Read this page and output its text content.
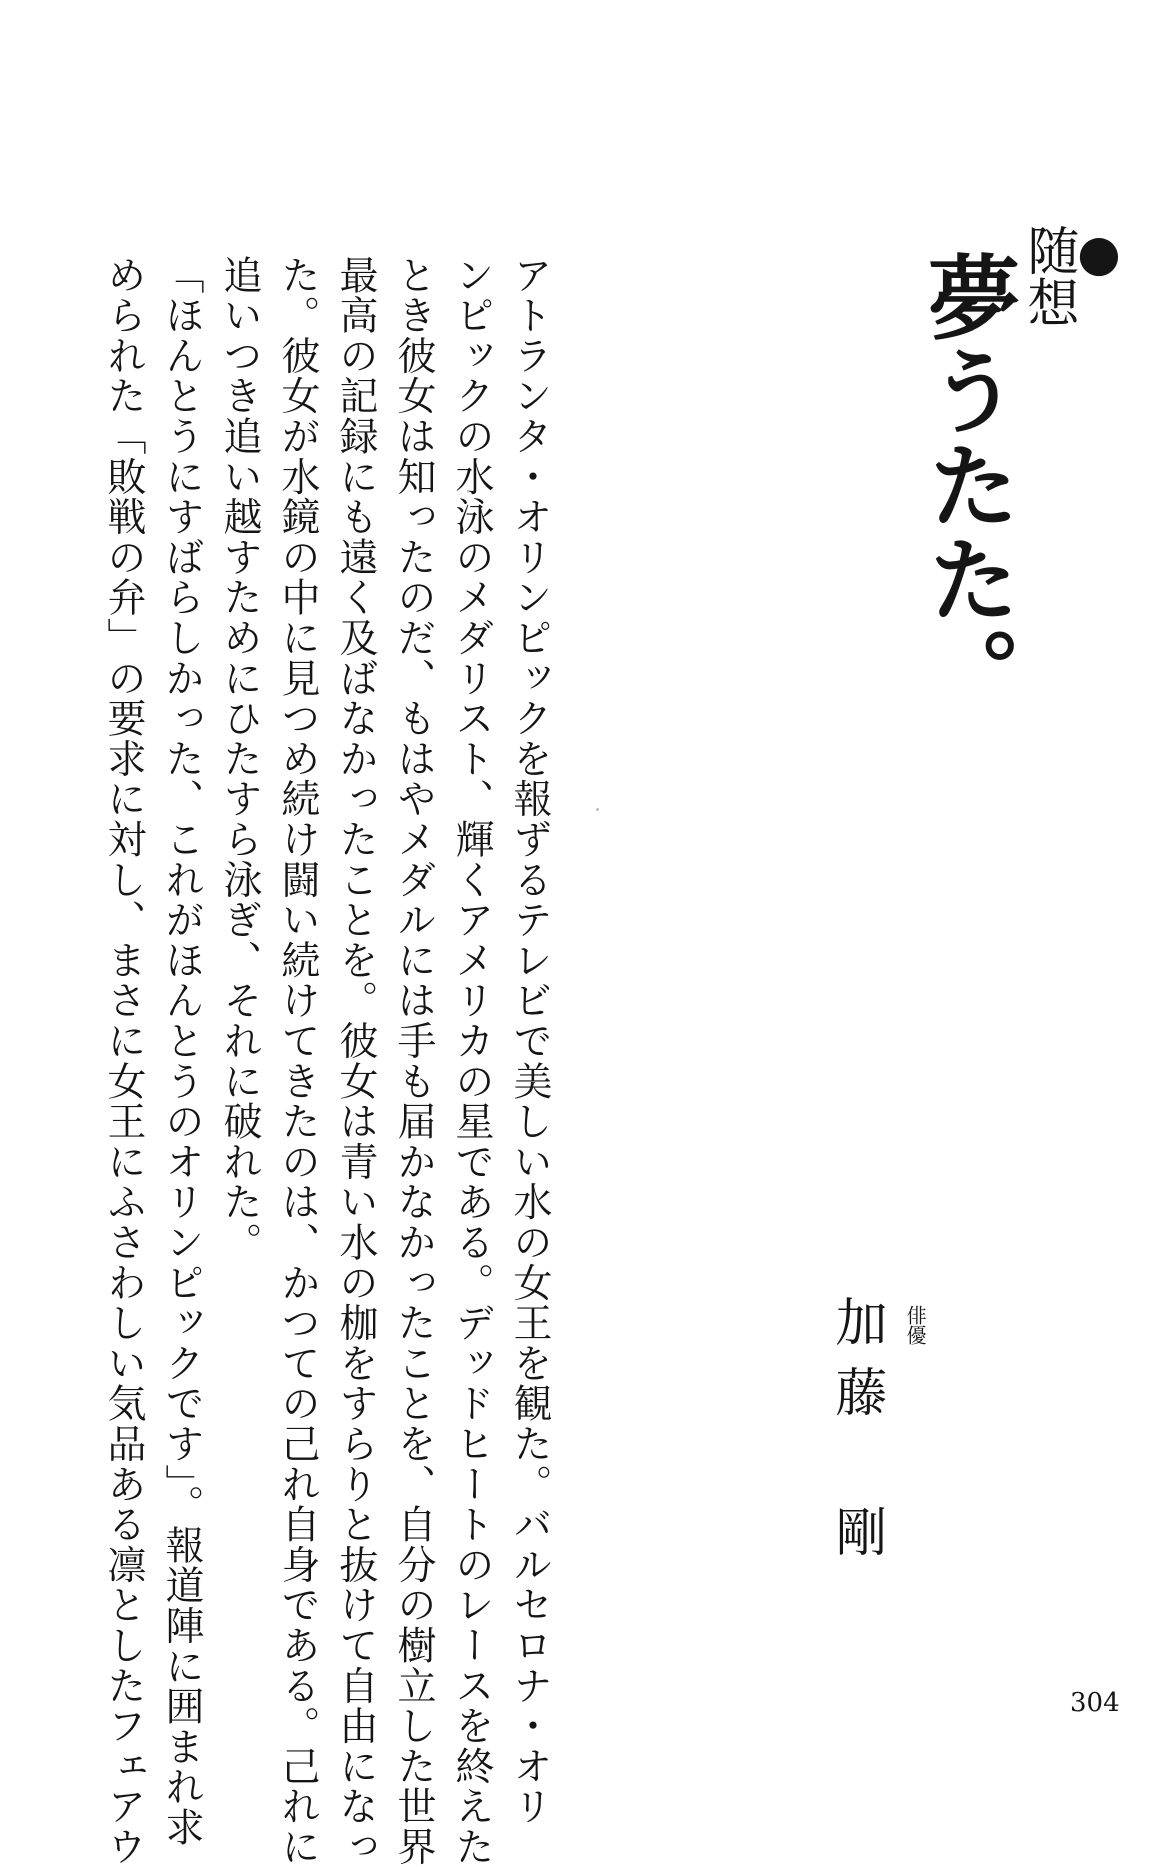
●
随想
夢うたた。
俳優
加藤　剛
アトランタ・オリンピックを報ずるテレビで美しい水の女王を観た。バルセロナ・オリ
ンピックの水泳のメダリスト、輝くアメリカの星である。デッドヒートのレースを終えた
とき彼女は知ったのだ、もはやメダルには手も届かなかったことを、自分の樹立した世界
最高の記録にも遠く及ばなかったことを。彼女は青い水の枷をすらりと抜けて自由になっ
た。彼女が水鏡の中に見つめ続け闘い続けてきたのは、かつての己れ自身である。己れに
追いつき追い越すためにひたすら泳ぎ、それに破れた。
「ほんとうにすばらしかった、これがほんとうのオリンピックです」。報道陣に囲まれ求
められた「敗戦の弁」の要求に対し、まさに女王にふさわしい気品ある凛としたフェアウ	304
